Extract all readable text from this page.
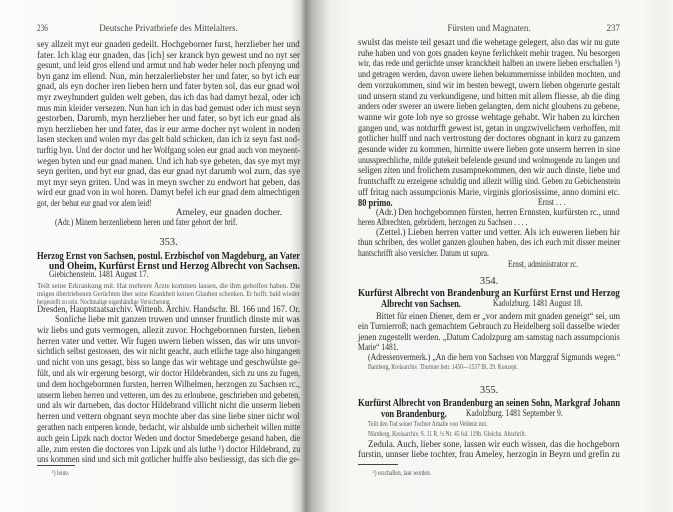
236	Deutsche Privatbriefe des Mittelalters.
sey allzeit myt eur gnaden gedeilt. Hochgeborner furst, herzlieber her und
fater. Ich klag eur gnaden, das [ich] ser kranck byn gewest und no nyt ser
gesunt, und leid gros ellend und armut und hab weder heler noch pfenyng und
byn ganz im ellend. Nun, min herzalerliebster her und fater, so byt ich eur
gnad, als eyn docher iren lieben hern und fater byten sol, das eur gnad wol
myr zweyhundert gulden welt geben, das ich das bad damyt bezal, oder ich
mus min kleider versezen. Nun han ich in das bad gemust oder ich must seyn
gestorben. Darumb, myn herzlieber her und fater, so byt ich eur gnad als
myn herzlieben her und fater, das ir eur arme docher nyt wolent in noden
lasen stecken und wolen myr das gelt bald schicken, dan ich iz seyn fast nod-
turftig byn. Und der doctor und her Wolfgang solen eur gnad auch von meynent-
wegen byten und eur gnad manen. Und ich hab sye gebeten, das sye myt myr
seyn geriten, und byt eur gnad, das eur gnad nyt darumb wol zurn, das sye
myt myr seyn griten. Und was in meyn swcher zu endwort hat geben, das
wird eur gnad von in wol horen. Damyt befel ich eur gnad dem almechtigen
got, der behut eur gnad vor alem leid!
Ameley, eur gnaden docher.
(Adr.) Minem herzenliebenn heren und fater gehort der brif.
353.
Herzog Ernst von Sachsen, postul. Erzbischof von Magdeburg, an Vater
und Oheim, Kurfürst Ernst und Herzog Albrecht von Sachsen.
Giebichenstein. 1481 August 17.
Teilt seine Erkrankung mit. Hat mehrere Ärzte kommen lassen, die ihm geholfen haben. Die
mögen übertriebenen Gerüchten über seine Krankheit keinen Glauben schenken. Er hofft, bald wieder
hergestellt zu sein. Nochmalige eigenhändige Versicherung.
Dresden, Hauptstaatsarchiv. Wittenb. Archiv. Handschr. Bl. 166 und 167. Or.
Sonliche liebe mit ganzen truwen und unnser fruntlich dinste mit was
wir liebs und guts vermogen, allezit zuvor. Hochgebornnen fursten, lieben
herren vater und vetter. Wir fugen uwern lieben wissen, das wir uns unvor-
sichtlich selbst gestossen, des wir nicht geacht, auch etliche tage also hingangen
und nicht von uns gesagt, biss so lange das wir wehtage und geschwülste ge-
fült, und als wir ergerung besorgt, wir doctor Hildebranden, sich zu uns zu fugen,
und dem hochgebornnen fursten, herren Wilhelmen, herzogen zu Sachsen rc.,
unserm lieben herren und vetteren, um des zu erloubene, geschrieben und gebeten,
und als wir darneben, das doctor Hildebrand villicht nicht die unserm lieben
herren und vettern obgnant seyn mochte aber das sine liebe siner nicht wol
gerathen nach entperen konde, bedacht, wir alsbalde umb sicherheit willen mitte
auch gein Lipzk nach doctor Weden und doctor Smedeberge gesand haben, die
alle, zum ersten die doctores von Lipzk und als luthe ¹) doctor Hildebrand, zu
uns kommen sind und sich mit gotlicher hulffe also besliessigt, das sich die ge-
¹) leute.
Fürsten und Magnaten.	237
swulst das meiste teil gesazt und die wehetage gelegert, also das wir nu gute
ruhe haben und von gots gnaden keyne ferlichkeit mehir tragen. Nu besorgen
wir, das rede und gerüchte unser kranckheit halben an uwere lieben erschallen ¹)
und getragen werden, davon uwere lieben bekummernisse inbilden mochten, und
dem vorzukommen, sind wir im besten bewegt, uwern lieben obgerurte gestalt
und unsern stand zu verkundigene, und bitten mit allem fliesse, ab die ding
anders oder swerer an uwere lieben gelangten, dem nicht gloubens zu gebene,
wanne wir gote lob nye so grosse wehtage gehabt. Wir haben zu kirchen
gangen und, was notdurfft gewest ist, getan in ungzwivelichem verhoffen, mit
gotlicher hulff und nach vertrostung der doctores obgnant in kurz zu ganzem
gesunde wider zu kommen, hirmitte uwere lieben gote unserm herren in sine
unussprechliche, milde gutekeit befelende gesund und wolmogende zu langen und
seligen ziten und frolichem zusampnekommen, den wir auch dinste, liebe und
fruntschafft zu erzeigene schuldig und allezit willig sind. Geben zu Gebichenstein
uff fritag nach assumpcionis Marie, virginis gloriosissime, anno domini etc.
80 primo.	Ernst . . .
(Adr.) Den hochgebornnen fürsten, herren Ernnsten, kurfürsten rc., unnd
heren Albrechten, gebrüdern, herzogen zu Sachsen . . . .
(Zettel.) Lieben herren vatter und vetter. Als ich euweren lieben hir
thun schriben, des wollet ganzen glouben haben, des ich euch mit disser meiner
hantschrifft also versicher. Datum ut supra.
Ernst, administrator rc.
354.
Kurfürst Albrecht von Brandenburg an Kurfürst Ernst und Herzog
Albrecht von Sachsen.	Kadolzburg. 1481 August 18.
Bittet für einen Diener, dem er „vor andern mit gnaden geneigt“ sei, um
ein Turnierroß; nach gemachtem Gebrauch zu Heidelberg soll dasselbe wieder
jenen zugestellt werden. „Datum Cadolzpurg am samstag nach assumpcionis
Marie“ 1481.
(Adressenvermerk.) „An die hern von Sachsen von Marggraf Sigmunds wegen.“
Bamberg, Kreisarchiv. Thurnier betr. 1450—1537 Bl. 29. Konzept.
355.
Kurfürst Albrecht von Brandenburg an seinen Sohn, Markgraf Johann
von Brandenburg.	Kadolzburg. 1481 September 9.
Teilt den Tod seiner Tochter Amalie von Veldenz mit.
Nürnberg, Kreisarchiv. S. 11 R. ½ Nr. 45 fol. 119b. Gleichz. Abschrift.
Zedula. Auch, lieber sone, lassen wir euch wissen, das die hochgeborn
furstin, unnser liebe tochter, frau Ameley, herzogin in Beyrn und grefin zu
¹) erschallen, laut werden.
